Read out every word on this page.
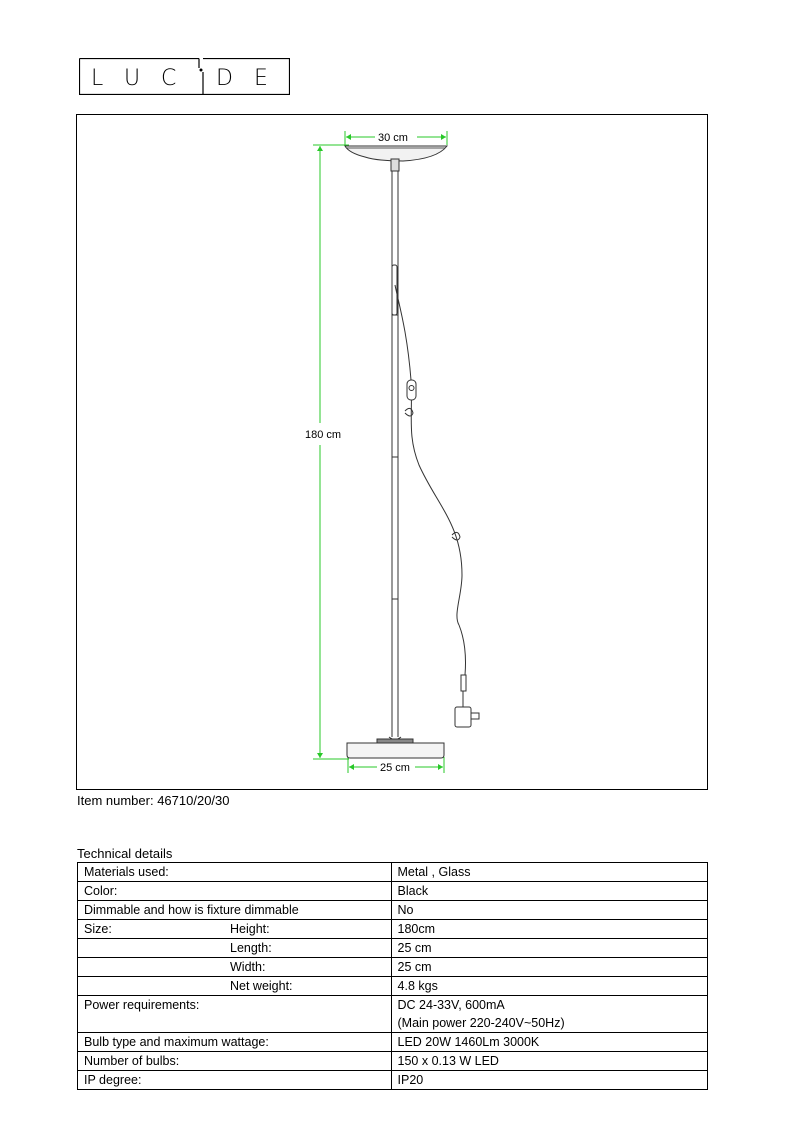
L U C D E
30 cm
180 cm
25 cm
Item number: 46710/20/30
Technical details
Materials used:	Metal , Glass
Color:	Black
Dimmable and how is fixture dimmable	No
Size: Height:	180cm

Length:	25 cm

Width:	25 cm

Net weight:	4.8 kgs
Power requirements:	DC 24-33V, 600mA
(Main power 220-240V~50Hz)

Bulb type and maximum wattage:	LED 20W 1460Lm 3000K
Number of bulbs:	150 x 0.13 W LED
IP degree:	IP20
